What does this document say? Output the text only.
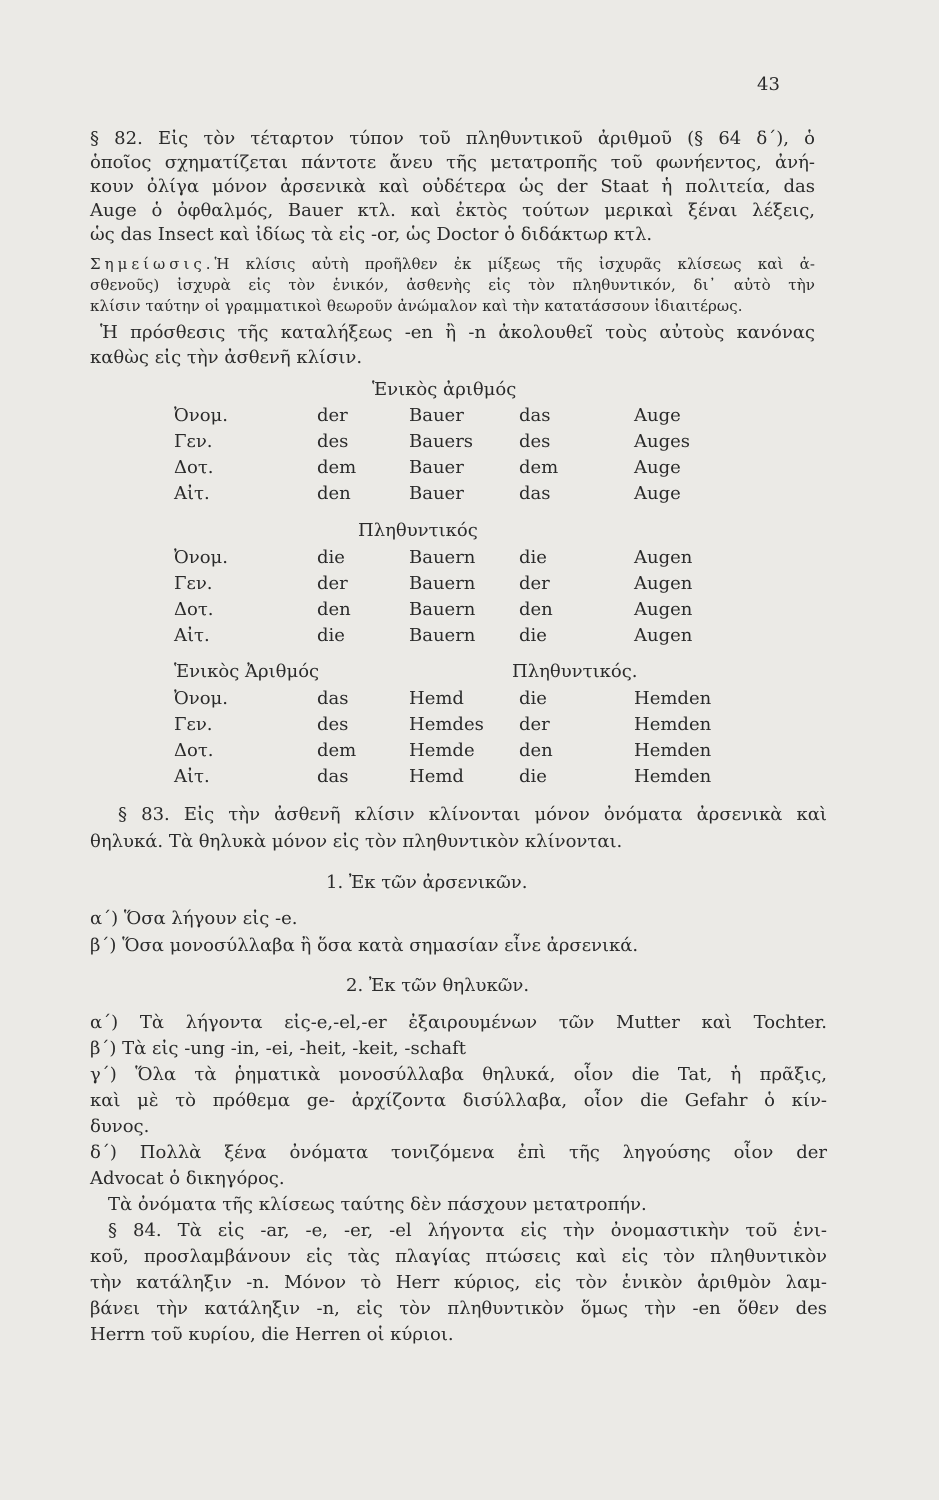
43
§ 82. Εἰς τὸν τέταρτον τύπον τοῦ πληθυντικοῦ ἀριθμοῦ (§ 64 δ΄), ὁ
ὁποῖος σχηματίζεται πάντοτε ἄνευ τῆς μετατροπῆς τοῦ φωνήεντος, ἀνή-
κουν ὀλίγα μόνον ἀρσενικὰ καὶ οὐδέτερα ὡς der Staat ἡ πολιτεία, das
Auge ὁ ὀφθαλμός, Bauer κτλ. καὶ ἐκτὸς τούτων μερικαὶ ξέναι λέξεις,
ὡς das Insect καὶ ἰδίως τὰ εἰς -or, ὡς Doctor ὁ διδάκτωρ κτλ.
Σημείωσις.Ἡ κλίσις αὐτὴ προῆλθεν ἐκ μίξεως τῆς ἰσχυρᾶς κλίσεως καὶ ἀ-
σθενοῦς) ἰσχυρὰ εἰς τὸν ἑνικόν, ἀσθενὴς εἰς τὸν πληθυντικόν, δι᾽ αὐτὸ τὴν
κλίσιν ταύτην οἱ γραμματικοὶ θεωροῦν ἀνώμαλον καὶ τὴν κατατάσσουν ἰδιαιτέρως.
Ἡ πρόσθεσις τῆς καταλήξεως -en ἢ -n ἀκολουθεῖ τοὺς αὐτοὺς κανόνας
καθὼς εἰς τὴν ἀσθενῆ κλίσιν.
Ἑνικὸς ἀριθμός
Ὀνομ.	der	Bauer	das	Auge
Γεν.	des	Bauers	des	Auges
Δοτ.	dem	Bauer	dem	Auge
Αἰτ.	den	Bauer	das	Auge
Πληθυντικός
Ὀνομ.	die	Bauern die	Augen
Γεν.	der	Bauern der	Augen
Δοτ.	den	Bauern den	Augen
Αἰτ.	die	Bauern die	Augen
Ἑνικὸς Ἀριθμός	Πληθυντικός.
Ὀνομ.	das	Hemd	die	Hemden
Γεν.	des	Hemdes der	Hemden
Δοτ.	dem	Hemde den	Hemden
Αἰτ.	das	Hemd	die	Hemden
§ 83. Εἰς τὴν ἀσθενῆ κλίσιν κλίνονται μόνον ὀνόματα ἀρσενικὰ καὶ
θηλυκά. Τὰ θηλυκὰ μόνον εἰς τὸν πληθυντικὸν κλίνονται.
1. Ἐκ τῶν ἀρσενικῶν.
α΄) Ὅσα λήγουν εἰς -e.
β΄) Ὅσα μονοσύλλαβα ἢ ὅσα κατὰ σημασίαν εἶνε ἀρσενικά.
2. Ἐκ τῶν θηλυκῶν.
α΄) Τὰ λήγοντα εἰς-e,-el,-er ἐξαιρουμένων τῶν Mutter καὶ Tochter.
β΄) Τὰ εἰς -ung -in, -ei, -heit, -keit, -schaft
γ΄) Ὅλα τὰ ῥηματικὰ μονοσύλλαβα θηλυκά, οἷον die Tat, ἡ πρᾶξις,
καὶ μὲ τὸ πρόθεμα ge- ἀρχίζοντα δισύλλαβα, οἷον die Gefahr ὁ κίν-
δυνος.
δ΄) Πολλὰ ξένα ὀνόματα τονιζόμενα ἐπὶ τῆς ληγούσης οἷον der
Advocat ὁ δικηγόρος.
Τὰ ὀνόματα τῆς κλίσεως ταύτης δὲν πάσχουν μετατροπήν.
§ 84. Τὰ εἰς -ar, -e, -er, -el λήγοντα εἰς τὴν ὀνομαστικὴν τοῦ ἑνι-
κοῦ, προσλαμβάνουν εἰς τὰς πλαγίας πτώσεις καὶ εἰς τὸν πληθυντικὸν
τὴν κατάληξιν -n. Μόνον τὸ Herr κύριος, εἰς τὸν ἑνικὸν ἀριθμὸν λαμ-
βάνει τὴν κατάληξιν -n, εἰς τὸν πληθυντικὸν ὅμως τὴν -en ὅθεν des
Herrn τοῦ κυρίου, die Herren οἱ κύριοι.
